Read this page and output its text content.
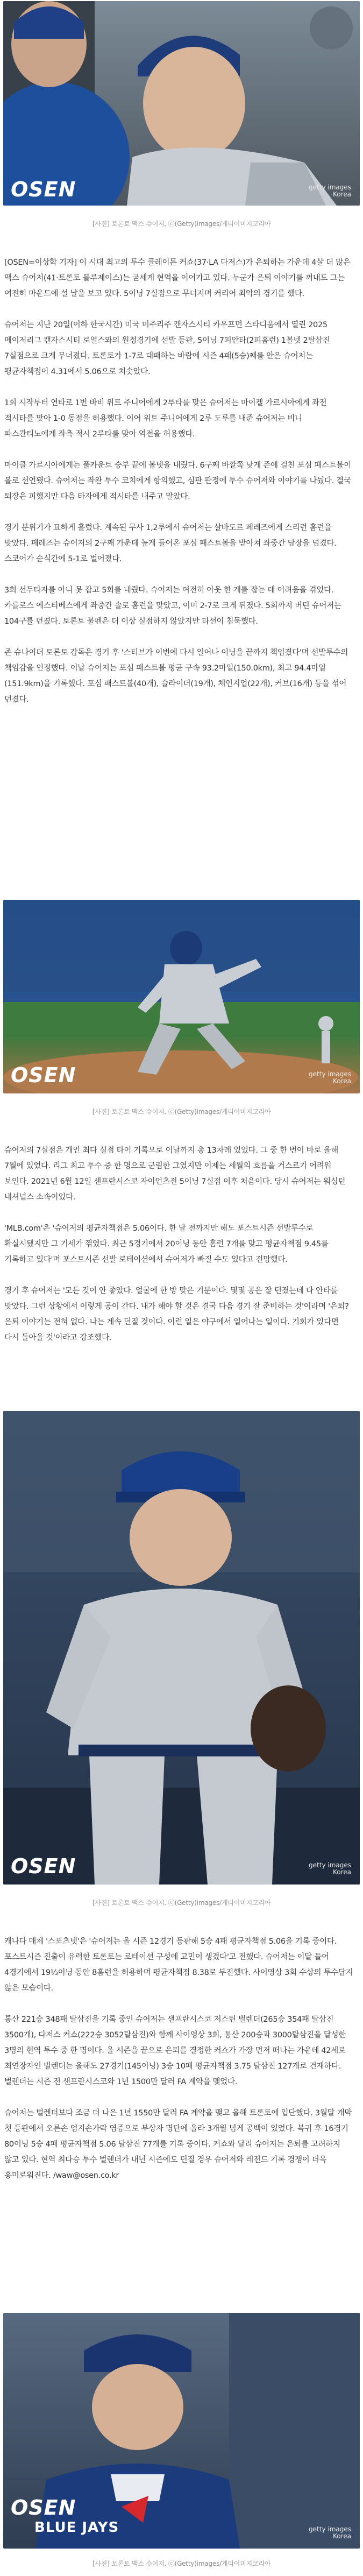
OSEN	getty images
Korea
[사진] 토론토 맥스 슈어저. ⓒ(Getty)images/게티이미지코리아

[OSEN=이상학 기자] 이 시대 최고의 투수 클레이튼 커쇼(37·LA 다저스)가 은퇴하는 가운데 4살 더 많은 맥스 슈어저(41·토론토 블루제이스)는 굳세게 현역을 이어가고 있다. 누군가 은퇴 이야기를 꺼내도 그는 여전히 마운드에 설 날을 보고 있다. 5이닝 7실점으로 무너지며 커리어 최악의 경기를 했다.

슈어저는 지난 20일(이하 한국시간) 미국 미주리주 캔자스시티 카우프먼 스타디움에서 열린 2025 메이저리그 캔자스시티 로열스와의 원정경기에 선발 등판, 5이닝 7피안타(2피홈런) 1볼넷 2탈삼진 7실점으로 크게 무너졌다. 토론토가 1-7로 대패하는 바람에 시즌 4패(5승)째를 안은 슈어저는 평균자책점이 4.31에서 5.06으로 치솟았다.

1회 시작부터 연타로 1번 바비 위트 주니어에게 2루타를 맞은 슈어저는 마이켈 가르시아에게 좌전 적시타를 맞아 1-0 동점을 허용했다. 이어 위트 주니어에게 2루 도루를 내준 슈어저는 비니 파스콴티노에게 좌측 적시 2루타를 맞아 역전을 허용했다.

마이클 가르시아에게는 풀카운트 승부 끝에 볼넷을 내줬다. 6구째 바깥쪽 낮게 존에 걸친 포심 패스트볼이 볼로 선언됐다. 슈어저는 좌완 투수 코치에게 항의했고, 심판 판정에 투수 슈어저와 이야기를 나눴다. 결국 퇴장은 피했지만 다음 타자에게 적시타를 내주고 말았다.

경기 분위기가 묘하게 흘렀다. 계속된 무사 1,2루에서 슈어저는 살바도르 페레즈에게 스리런 홈런을 맞았다. 페레즈는 슈어저의 2구째 가운데 높게 들어온 포심 패스트볼을 받아쳐 좌중간 담장을 넘겼다. 스코어가 순식간에 5-1로 벌어졌다.

3회 선두타자를 아니 못 잡고 5회를 내줬다. 슈어저는 여전히 아웃 한 개를 잡는 데 어려움을 겪었다. 카를로스 에스티베스에게 좌중간 솔로 홈런을 맞았고, 이미 2-7로 크게 뒤졌다. 5회까지 버틴 슈어저는 104구를 던졌다. 토론토 불펜은 더 이상 실점하지 않았지만 타선이 침묵했다.

존 슈나이더 토론토 감독은 경기 후 '스티브가 이번에 다시 일어나 이닝을 끝까지 책임졌다'며 선발투수의 책임감을 인정했다. 이날 슈어저는 포심 패스트볼 평균 구속 93.2마일(150.0km), 최고 94.4마일(151.9km)을 기록했다. 포심 패스트볼(40개), 슬라이더(19개), 체인지업(22개), 커브(16개) 등을 섞어 던졌다.

OSEN	getty images
Korea
[사진] 토론토 맥스 슈어저. ⓒ(Getty)images/게티이미지코리아

슈어저의 7실점은 개인 최다 실점 타이 기록으로 이날까지 총 13차례 있었다. 그 중 한 번이 바로 올해 7월에 있었다. 리그 최고 투수 중 한 명으로 군림한 그였지만 이제는 세월의 흐름을 거스르기 어려워 보인다. 2021년 6월 12일 샌프란시스코 자이언츠전 5이닝 7실점 이후 처음이다. 당시 슈어저는 워싱턴 내셔널스 소속이었다.

'MLB.com'은 '슈어저의 평균자책점은 5.06이다. 한 달 전까지만 해도 포스트시즌 선발투수로 확실시됐지만 그 기세가 꺾였다. 최근 5경기에서 20이닝 동안 홈런 7개를 맞고 평균자책점 9.45를 기록하고 있다'며 포스트시즌 선발 로테이션에서 슈어저가 빠질 수도 있다고 전망했다.

경기 후 슈어저는 '모든 것이 안 좋았다. 얼굴에 한 방 맞은 기분이다. 몇몇 공은 잘 던졌는데 다 안타를 맞았다. 그런 상황에서 이렇게 공이 간다. 내가 해야 할 것은 결국 다음 경기 잘 준비하는 것'이라며 '은퇴? 은퇴 이야기는 전혀 없다. 나는 계속 던질 것이다. 이런 일은 야구에서 일어나는 일이다. 기회가 있다면 다시 돌아올 것'이라고 강조했다.

OSEN	getty images
Korea
[사진] 토론토 맥스 슈어저. ⓒ(Getty)images/게티이미지코리아

캐나다 매체 '스포츠넷'은 '슈어저는 올 시즌 12경기 등판해 5승 4패 평균자책점 5.06을 기록 중이다. 포스트시즌 진출이 유력한 토론토는 로테이션 구성에 고민이 생겼다'고 전했다. 슈어저는 이달 들어 4경기에서 19⅓이닝 동안 8홈런을 허용하며 평균자책점 8.38로 부진했다. 사이영상 3회 수상의 투수답지 않은 모습이다.

통산 221승 348패 탈삼진을 기록 중인 슈어저는 샌프란시스코 저스틴 벌렌더(265승 354패 탈삼진 3500개), 다저스 커쇼(222승 3052탈삼진)와 함께 사이영상 3회, 통산 200승과 3000탈삼진을 달성한 3명의 현역 투수 중 한 명이다. 올 시즌을 끝으로 은퇴를 결정한 커쇼가 가장 먼저 떠나는 가운데 42세로 최연장자인 벌렌더는 올해도 27경기(145이닝) 3승 10패 평균자책점 3.75 탈삼진 127개로 건재하다. 벌렌더는 시즌 전 샌프란시스코와 1년 1500만 달러 FA 계약을 맺었다.

슈어저는 벌렌더보다 조금 더 나은 1년 1550만 달러 FA 계약을 맺고 올해 토론토에 입단했다. 3월말 개막 첫 등판에서 오른손 엄지손가락 염증으로 부상자 명단에 올라 3개월 넘게 공백이 있었다. 복귀 후 16경기 80이닝 5승 4패 평균자책점 5.06 탈삼진 77개를 기록 중이다. 커쇼와 달리 슈어저는 은퇴를 고려하지 않고 있다. 현역 최다승 투수 벌렌더가 내년 시즌에도 던질 경우 슈어저와 레전드 기록 경쟁이 더욱 흥미로워진다. /waw@osen.co.kr

OSEN
BLUE JAYS	getty images
Korea
[사진] 토론토 맥스 슈어저. ⓒ(Getty)images/게티이미지코리아
